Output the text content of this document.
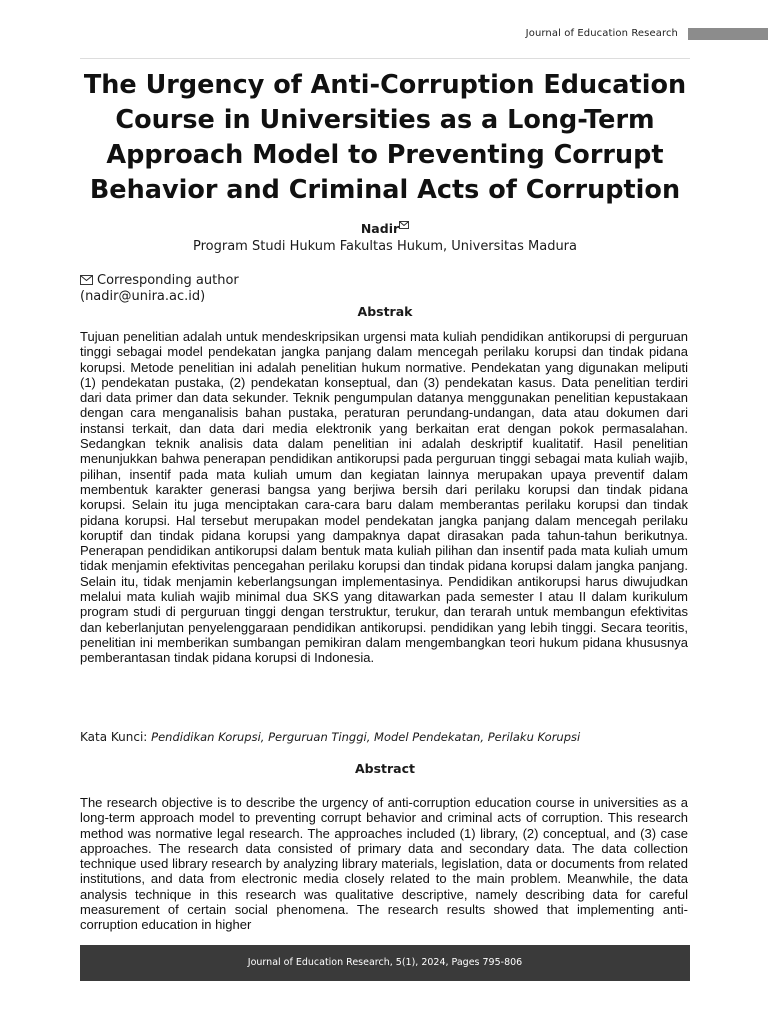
Journal of Education Research
The Urgency of Anti-Corruption Education Course in Universities as a Long-Term Approach Model to Preventing Corrupt Behavior and Criminal Acts of Corruption
Nadir
Program Studi Hukum Fakultas Hukum, Universitas Madura
Corresponding author
(nadir@unira.ac.id)
Abstrak

Tujuan penelitian adalah untuk mendeskripsikan urgensi mata kuliah pendidikan antikorupsi di perguruan tinggi sebagai model pendekatan jangka panjang dalam mencegah perilaku korupsi dan tindak pidana korupsi. Metode penelitian ini adalah penelitian hukum normative. Pendekatan yang digunakan meliputi (1) pendekatan pustaka, (2) pendekatan konseptual, dan (3) pendekatan kasus. Data penelitian terdiri dari data primer dan data sekunder. Teknik pengumpulan datanya menggunakan penelitian kepustakaan dengan cara menganalisis bahan pustaka, peraturan perundang-undangan, data atau dokumen dari instansi terkait, dan data dari media elektronik yang berkaitan erat dengan pokok permasalahan. Sedangkan teknik analisis data dalam penelitian ini adalah deskriptif kualitatif. Hasil penelitian menunjukkan bahwa penerapan pendidikan antikorupsi pada perguruan tinggi sebagai mata kuliah wajib, pilihan, insentif pada mata kuliah umum dan kegiatan lainnya merupakan upaya preventif dalam membentuk karakter generasi bangsa yang berjiwa bersih dari perilaku korupsi dan tindak pidana korupsi. Selain itu juga menciptakan cara-cara baru dalam memberantas perilaku korupsi dan tindak pidana korupsi. Hal tersebut merupakan model pendekatan jangka panjang dalam mencegah perilaku koruptif dan tindak pidana korupsi yang dampaknya dapat dirasakan pada tahun-tahun berikutnya. Penerapan pendidikan antikorupsi dalam bentuk mata kuliah pilihan dan insentif pada mata kuliah umum tidak menjamin efektivitas pencegahan perilaku korupsi dan tindak pidana korupsi dalam jangka panjang. Selain itu, tidak menjamin keberlangsungan implementasinya. Pendidikan antikorupsi harus diwujudkan melalui mata kuliah wajib minimal dua SKS yang ditawarkan pada semester I atau II dalam kurikulum program studi di perguruan tinggi dengan terstruktur, terukur, dan terarah untuk membangun efektivitas dan keberlanjutan penyelenggaraan pendidikan antikorupsi. pendidikan yang lebih tinggi. Secara teoritis, penelitian ini memberikan sumbangan pemikiran dalam mengembangkan teori hukum pidana khususnya pemberantasan tindak pidana korupsi di Indonesia.

Kata Kunci: Pendidikan Korupsi, Perguruan Tinggi, Model Pendekatan, Perilaku Korupsi
Abstract

The research objective is to describe the urgency of anti-corruption education course in universities as a long-term approach model to preventing corrupt behavior and criminal acts of corruption. This research method was normative legal research. The approaches included (1) library, (2) conceptual, and (3) case approaches. The research data consisted of primary data and secondary data. The data collection technique used library research by analyzing library materials, legislation, data or documents from related institutions, and data from electronic media closely related to the main problem. Meanwhile, the data analysis technique in this research was qualitative descriptive, namely describing data for careful measurement of certain social phenomena. The research results showed that implementing anti-corruption education in higher

Journal of Education Research, 5(1), 2024, Pages 795-806
